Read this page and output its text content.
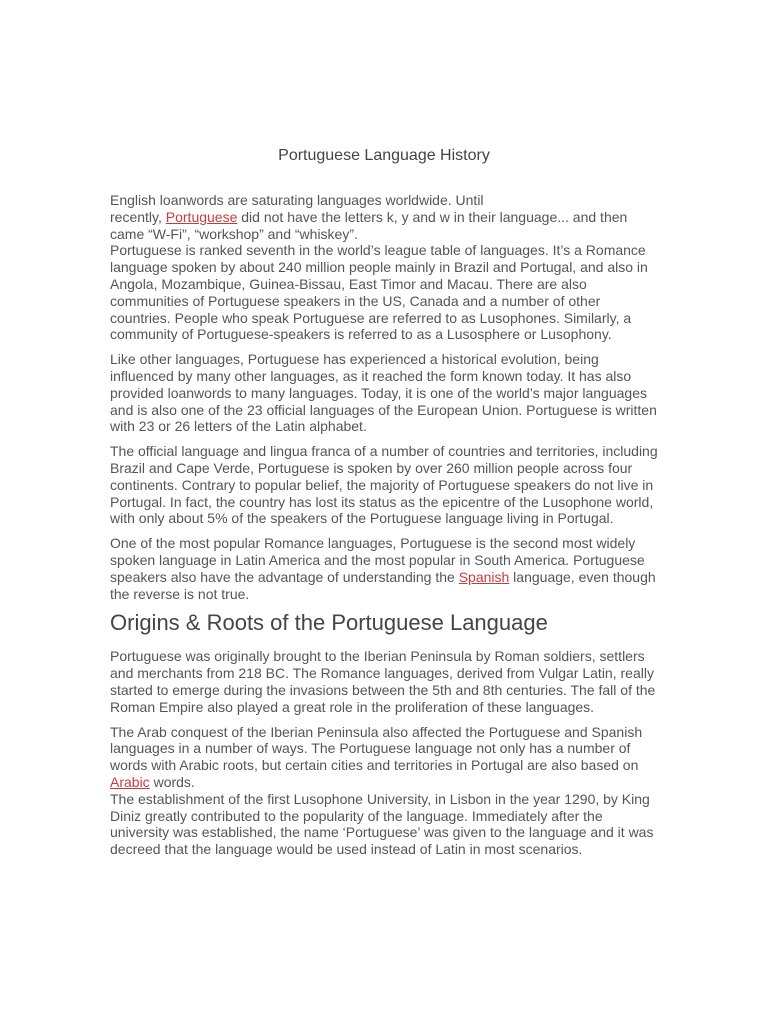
Portuguese Language History

English loanwords are saturating languages worldwide. Until
recently, Portuguese did not have the letters k, y and w in their language... and then came “W-Fi”, “workshop” and “whiskey”.

Portuguese is ranked seventh in the world’s league table of languages. It’s a Romance language spoken by about 240 million people mainly in Brazil and Portugal, and also in Angola, Mozambique, Guinea-Bissau, East Timor and Macau. There are also communities of Portuguese speakers in the US, Canada and a number of other countries. People who speak Portuguese are referred to as Lusophones. Similarly, a community of Portuguese-speakers is referred to as a Lusosphere or Lusophony.

Like other languages, Portuguese has experienced a historical evolution, being influenced by many other languages, as it reached the form known today. It has also provided loanwords to many languages. Today, it is one of the world’s major languages and is also one of the 23 official languages of the European Union. Portuguese is written with 23 or 26 letters of the Latin alphabet.

The official language and lingua franca of a number of countries and territories, including Brazil and Cape Verde, Portuguese is spoken by over 260 million people across four continents. Contrary to popular belief, the majority of Portuguese speakers do not live in Portugal. In fact, the country has lost its status as the epicentre of the Lusophone world, with only about 5% of the speakers of the Portuguese language living in Portugal.

One of the most popular Romance languages, Portuguese is the second most widely spoken language in Latin America and the most popular in South America. Portuguese speakers also have the advantage of understanding the Spanish language, even though the reverse is not true.

Origins & Roots of the Portuguese Language

Portuguese was originally brought to the Iberian Peninsula by Roman soldiers, settlers and merchants from 218 BC. The Romance languages, derived from Vulgar Latin, really started to emerge during the invasions between the 5th and 8th centuries. The fall of the Roman Empire also played a great role in the proliferation of these languages.

The Arab conquest of the Iberian Peninsula also affected the Portuguese and Spanish languages in a number of ways. The Portuguese language not only has a number of words with Arabic roots, but certain cities and territories in Portugal are also based on Arabic words.

The establishment of the first Lusophone University, in Lisbon in the year 1290, by King Diniz greatly contributed to the popularity of the language. Immediately after the university was established, the name ‘Portuguese’ was given to the language and it was decreed that the language would be used instead of Latin in most scenarios.
